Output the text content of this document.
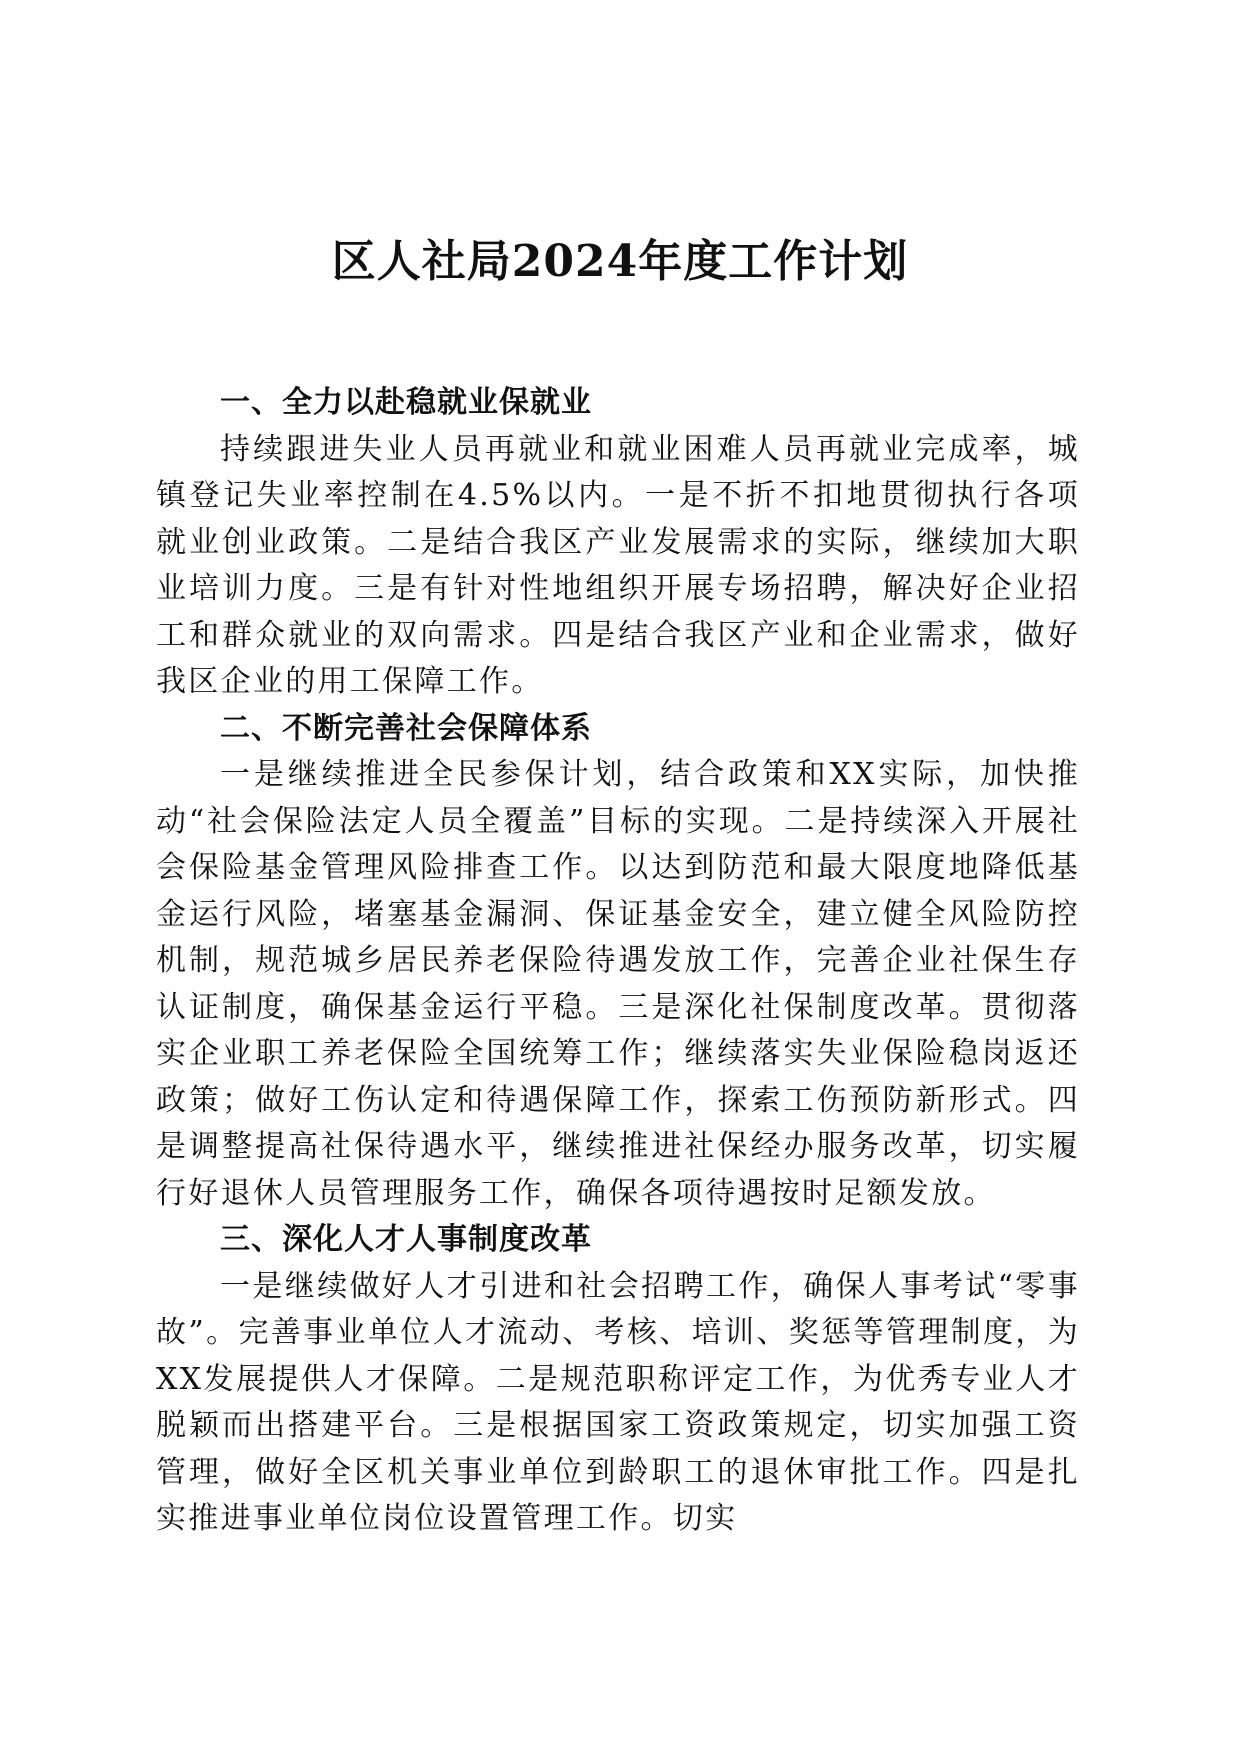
区人社局2024年度工作计划

一、全力以赴稳就业保就业

持续跟进失业人员再就业和就业困难人员再就业完成率，城镇登记失业率控制在4.5%以内。一是不折不扣地贯彻执行各项就业创业政策。二是结合我区产业发展需求的实际，继续加大职业培训力度。三是有针对性地组织开展专场招聘，解决好企业招工和群众就业的双向需求。四是结合我区产业和企业需求，做好我区企业的用工保障工作。

二、不断完善社会保障体系

一是继续推进全民参保计划，结合政策和XX实际，加快推动“社会保险法定人员全覆盖”目标的实现。二是持续深入开展社会保险基金管理风险排查工作。以达到防范和最大限度地降低基金运行风险，堵塞基金漏洞、保证基金安全，建立健全风险防控机制，规范城乡居民养老保险待遇发放工作，完善企业社保生存认证制度，确保基金运行平稳。三是深化社保制度改革。贯彻落实企业职工养老保险全国统筹工作；继续落实失业保险稳岗返还政策；做好工伤认定和待遇保障工作，探索工伤预防新形式。四是调整提高社保待遇水平，继续推进社保经办服务改革，切实履行好退休人员管理服务工作，确保各项待遇按时足额发放。

三、深化人才人事制度改革

一是继续做好人才引进和社会招聘工作，确保人事考试“零事故”。完善事业单位人才流动、考核、培训、奖惩等管理制度，为XX发展提供人才保障。二是规范职称评定工作，为优秀专业人才脱颖而出搭建平台。三是根据国家工资政策规定，切实加强工资管理，做好全区机关事业单位到龄职工的退休审批工作。四是扎实推进事业单位岗位设置管理工作。切实
